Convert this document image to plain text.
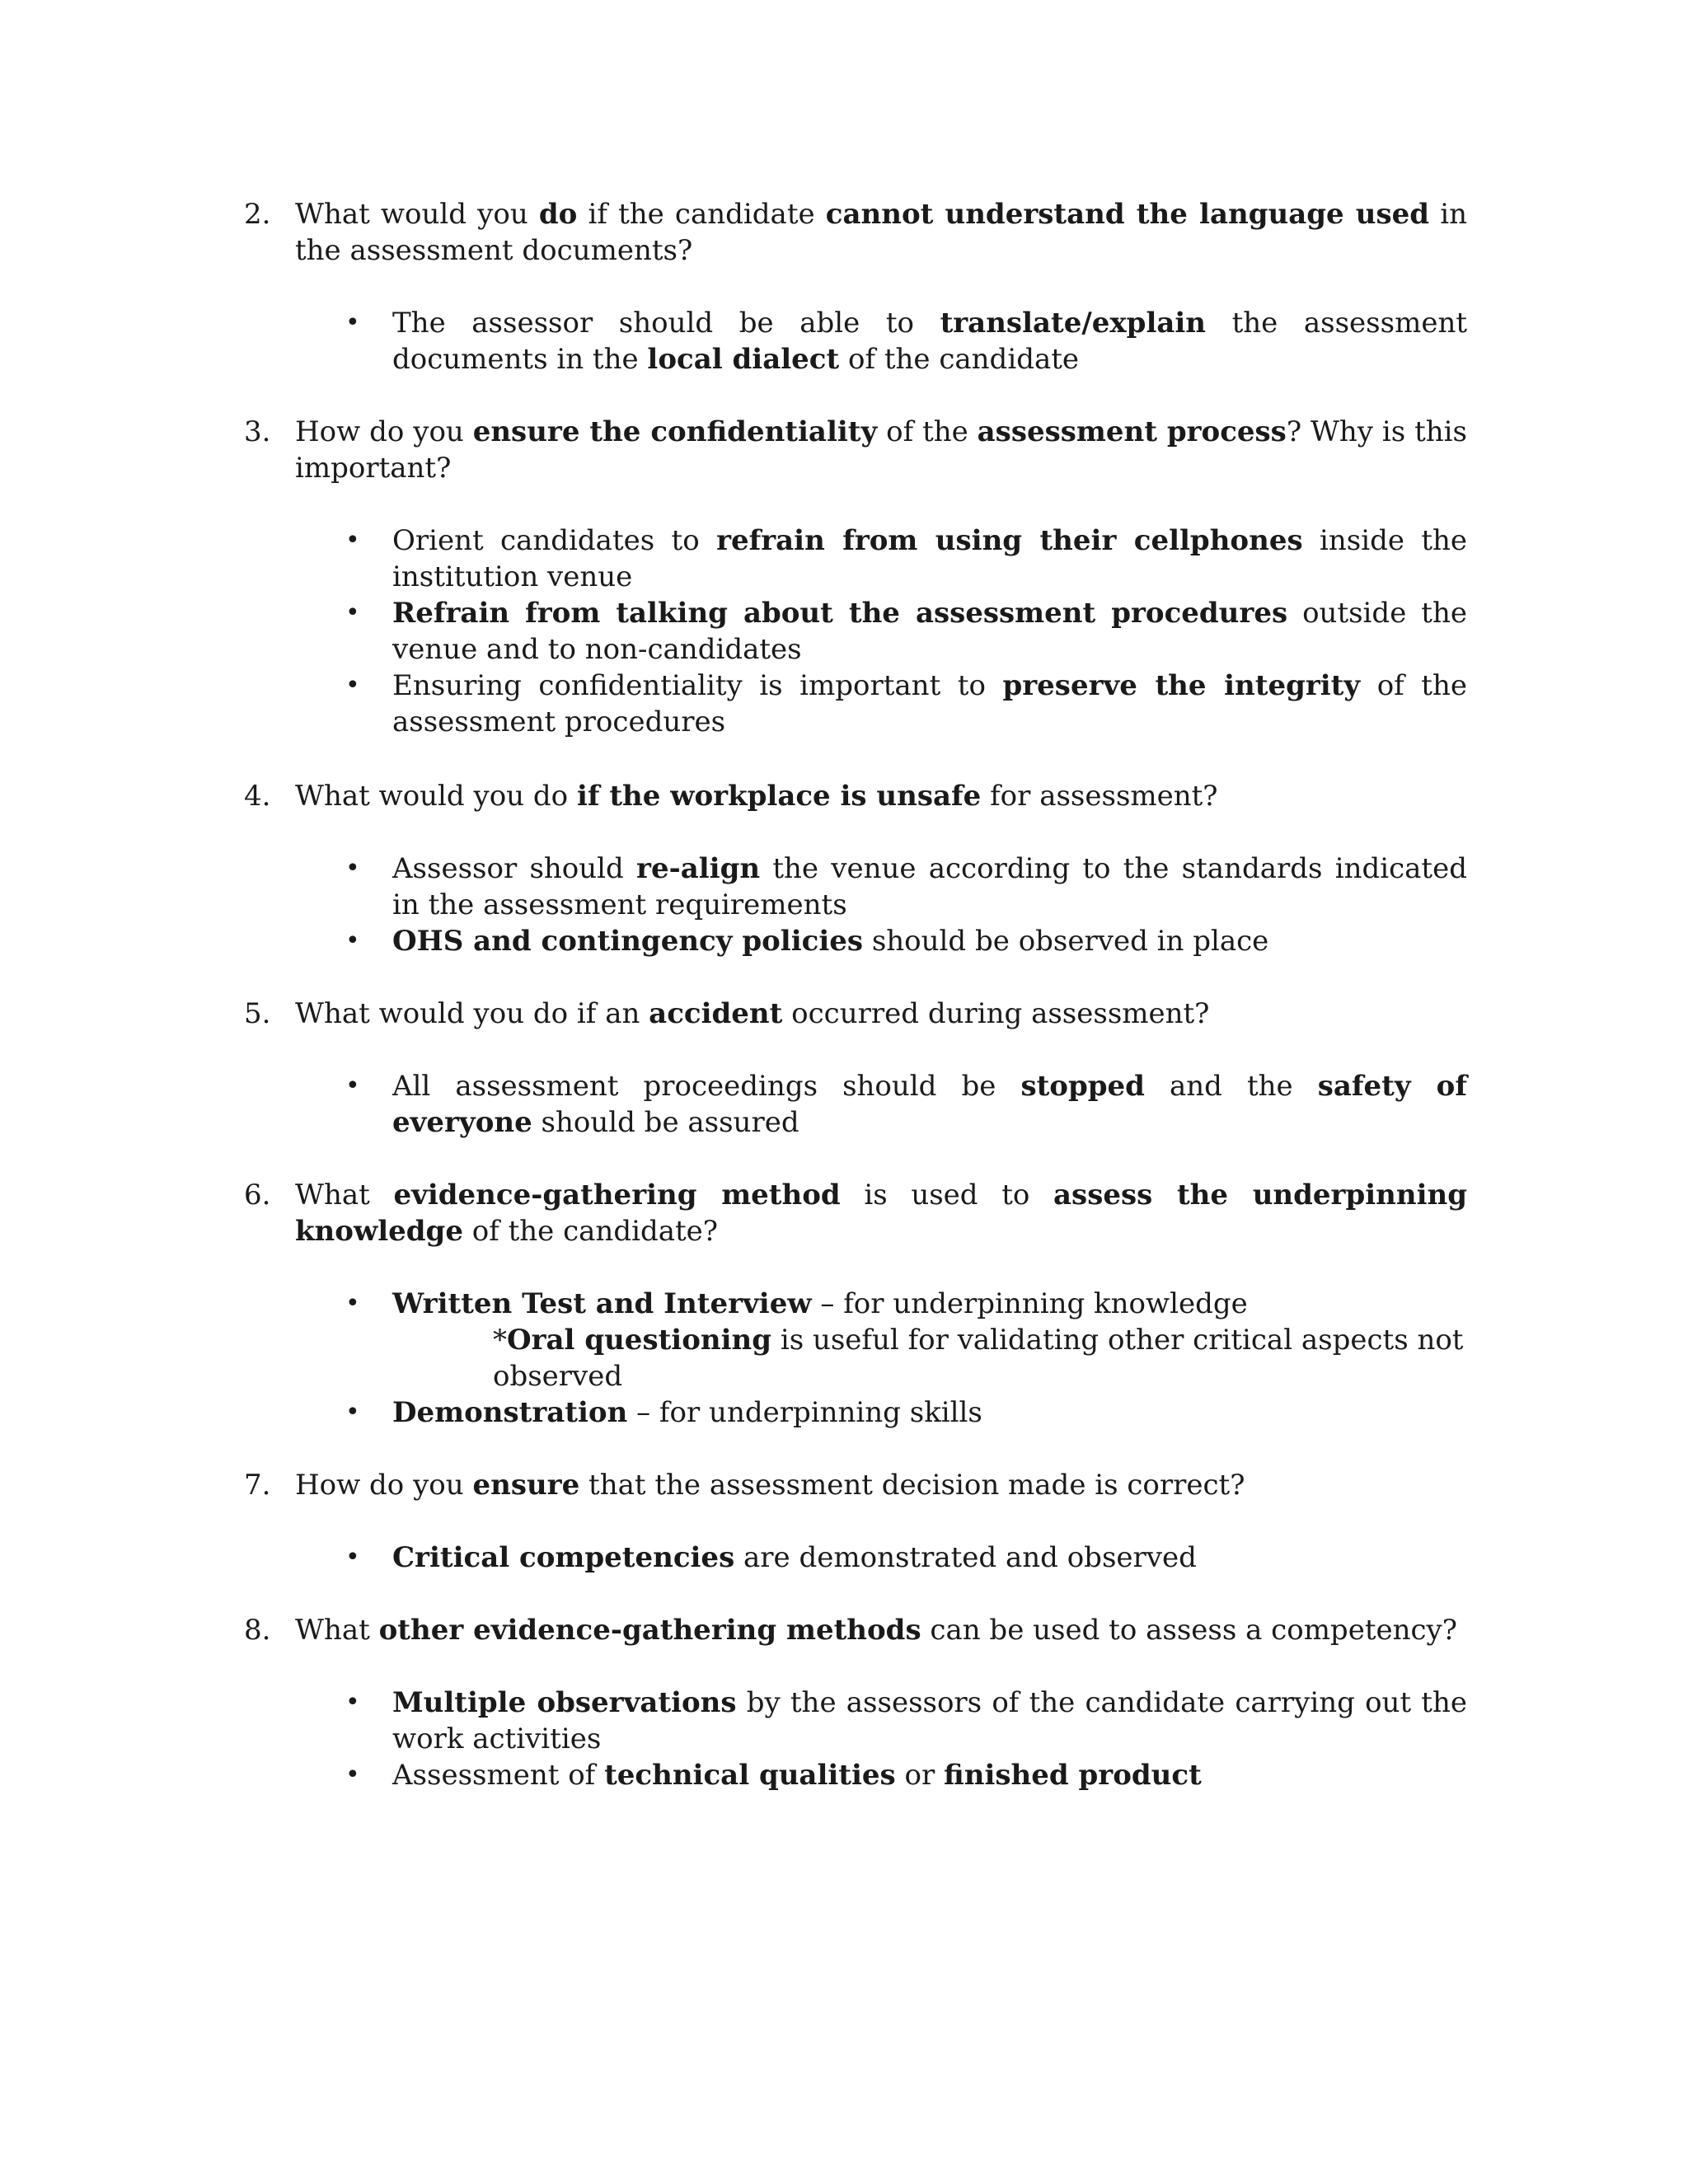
2. What would you do if the candidate cannot understand the language used in the assessment documents?
• The assessor should be able to translate/explain the assessment documents in the local dialect of the candidate
3. How do you ensure the confidentiality of the assessment process? Why is this important?
• Orient candidates to refrain from using their cellphones inside the institution venue
• Refrain from talking about the assessment procedures outside the venue and to non-candidates
• Ensuring confidentiality is important to preserve the integrity of the assessment procedures
4. What would you do if the workplace is unsafe for assessment?
• Assessor should re-align the venue according to the standards indicated in the assessment requirements
• OHS and contingency policies should be observed in place
5. What would you do if an accident occurred during assessment?
• All assessment proceedings should be stopped and the safety of everyone should be assured
6. What evidence-gathering method is used to assess the underpinning knowledge of the candidate?
• Written Test and Interview – for underpinning knowledge
*Oral questioning is useful for validating other critical aspects not observed
• Demonstration – for underpinning skills
7. How do you ensure that the assessment decision made is correct?
• Critical competencies are demonstrated and observed
8. What other evidence-gathering methods can be used to assess a competency?
• Multiple observations by the assessors of the candidate carrying out the work activities
• Assessment of technical qualities or finished product
